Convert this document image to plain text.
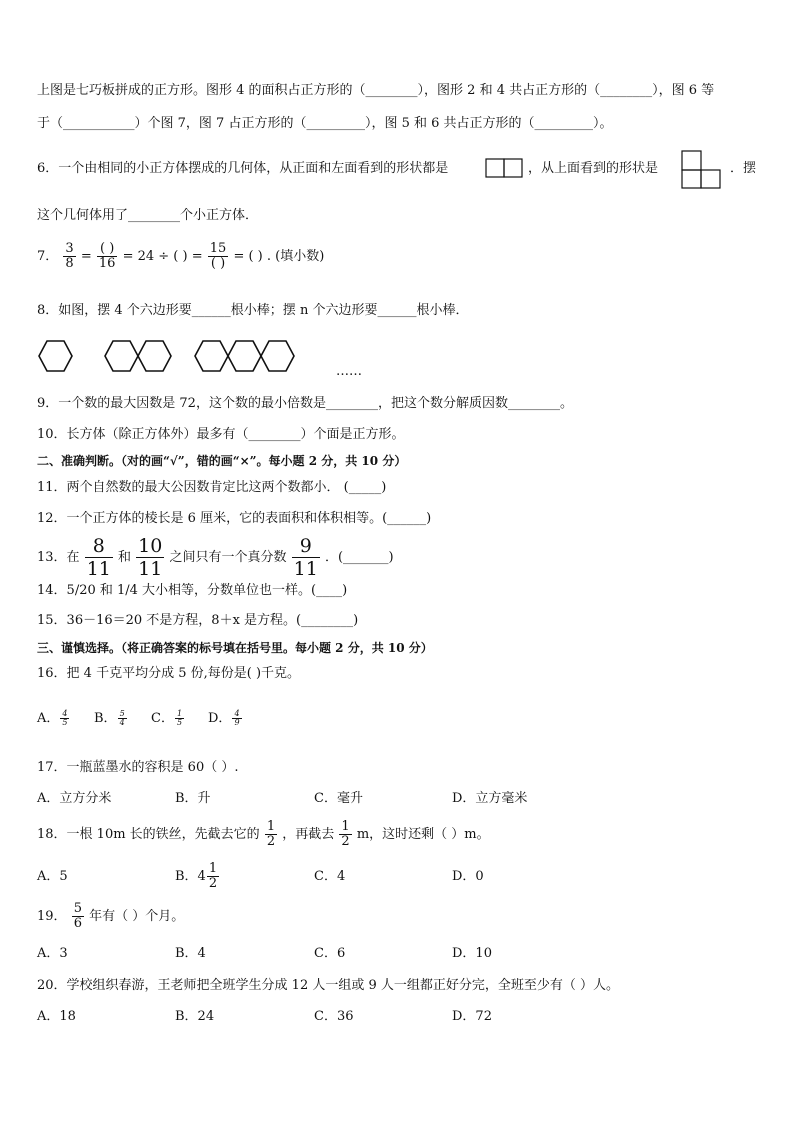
上图是七巧板拼成的正方形。图形 4 的面积占正方形的（________），图形 2 和 4 共占正方形的（________），图 6 等
于（___________）个图 7，图 7 占正方形的（_________），图 5 和 6 共占正方形的（_________）。
6．一个由相同的小正方体摆成的几何体，从正面和左面看到的形状都是	，从上面看到的形状是	．摆
这个几何体用了________个小正方体．
7． $\frac{3}{8} = \frac{( )}{16} = 24$ ÷ ( ) = $\frac{15}{( )}$ = ( ) . (填小数)
8．如图，摆 4 个六边形要______根小棒；摆 n 个六边形要______根小棒．
……
9．一个数的最大因数是 72，这个数的最小倍数是________，把这个数分解质因数________。
10．长方体（除正方体外）最多有（________）个面是正方形。
二、准确判断。（对的画“√”，错的画“×”。每小题 2 分，共 10 分）
11．两个自然数的最大公因数肯定比这两个数都小． (_____)
12．一个正方体的棱长是 6 厘米，它的表面积和体积相等。(______)
13．在 $\frac{8}{11}$ 和 $\frac{10}{11}$ 之间只有一个真分数 $\frac{9}{11}$ ．(_______)
14．5/20 和 1/4 大小相等，分数单位也一样。(____)
15．36－16＝20 不是方程，8＋x 是方程。(________)
三、谨慎选择。（将正确答案的标号填在括号里。每小题 2 分，共 10 分）
16．把 4 千克平均分成 5 份,每份是( )千克。
A． $\frac{4}{5}$ B． $\frac{5}{4}$ C． $\frac{1}{5}$ D． $\frac{4}{9}$
17．一瓶蓝墨水的容积是 60（ ）.
A．立方分米	B．升	C．毫升	D．立方毫米
18．一根 10m 长的铁丝，先截去它的 $\frac{1}{2}$ ，再截去 $\frac{1}{2}$ m，这时还剩（ ）m。
A．5	B．$4 \frac{1}{2}$	C．4	D．0
19． $\frac{5}{6}$ 年有（ ）个月。
A．3	B．4	C．6	D．10
20．学校组织春游，王老师把全班学生分成 12 人一组或 9 人一组都正好分完，全班至少有（ ）人。
A．18	B．24	C．36	D．72
